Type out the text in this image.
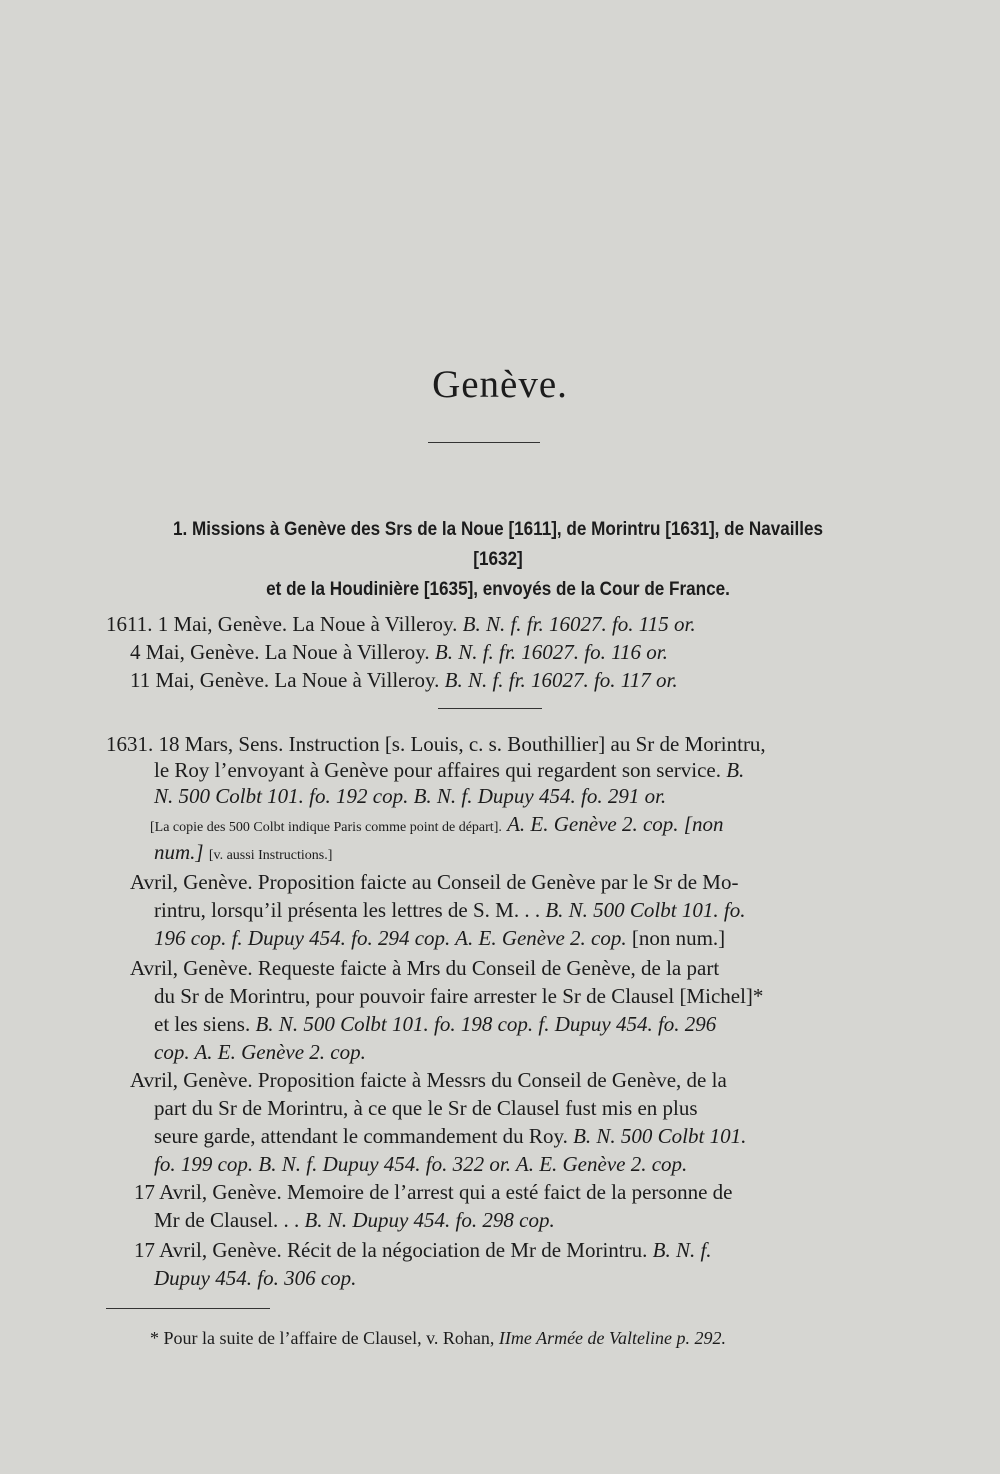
Genève.
1. Missions à Genève des Srs de la Noue [1611], de Morintru [1631], de Navailles [1632]
et de la Houdinière [1635], envoyés de la Cour de France.
1611. 1 Mai, Genève. La Noue à Villeroy. B. N. f. fr. 16027. fo. 115 or.
4 Mai, Genève. La Noue à Villeroy. B. N. f. fr. 16027. fo. 116 or.
11 Mai, Genève. La Noue à Villeroy. B. N. f. fr. 16027. fo. 117 or.
1631. 18 Mars, Sens. Instruction [s. Louis, c. s. Bouthillier] au Sr de Morintru,
le Roy l’envoyant à Genève pour affaires qui regardent son service. B.
N. 500 Colbt 101. fo. 192 cop. B. N. f. Dupuy 454. fo. 291 or.
[La copie des 500 Colbt indique Paris comme point de départ]. A. E. Genève 2. cop. [non
num.] [v. aussi Instructions.]
Avril, Genève. Proposition faicte au Conseil de Genève par le Sr de Mo-
rintru, lorsqu’il présenta les lettres de S. M. . . B. N. 500 Colbt 101. fo.
196 cop. f. Dupuy 454. fo. 294 cop. A. E. Genève 2. cop. [non num.]
Avril, Genève. Requeste faicte à Mrs du Conseil de Genève, de la part
du Sr de Morintru, pour pouvoir faire arrester le Sr de Clausel [Michel]*
et les siens. B. N. 500 Colbt 101. fo. 198 cop. f. Dupuy 454. fo. 296
cop. A. E. Genève 2. cop.
Avril, Genève. Proposition faicte à Messrs du Conseil de Genève, de la
part du Sr de Morintru, à ce que le Sr de Clausel fust mis en plus
seure garde, attendant le commandement du Roy. B. N. 500 Colbt 101.
fo. 199 cop. B. N. f. Dupuy 454. fo. 322 or. A. E. Genève 2. cop.
17 Avril, Genève. Memoire de l’arrest qui a esté faict de la personne de
Mr de Clausel. . . B. N. Dupuy 454. fo. 298 cop.
17 Avril, Genève. Récit de la négociation de Mr de Morintru. B. N. f.
Dupuy 454. fo. 306 cop.
* Pour la suite de l’affaire de Clausel, v. Rohan, IIme Armée de Valteline p. 292.
